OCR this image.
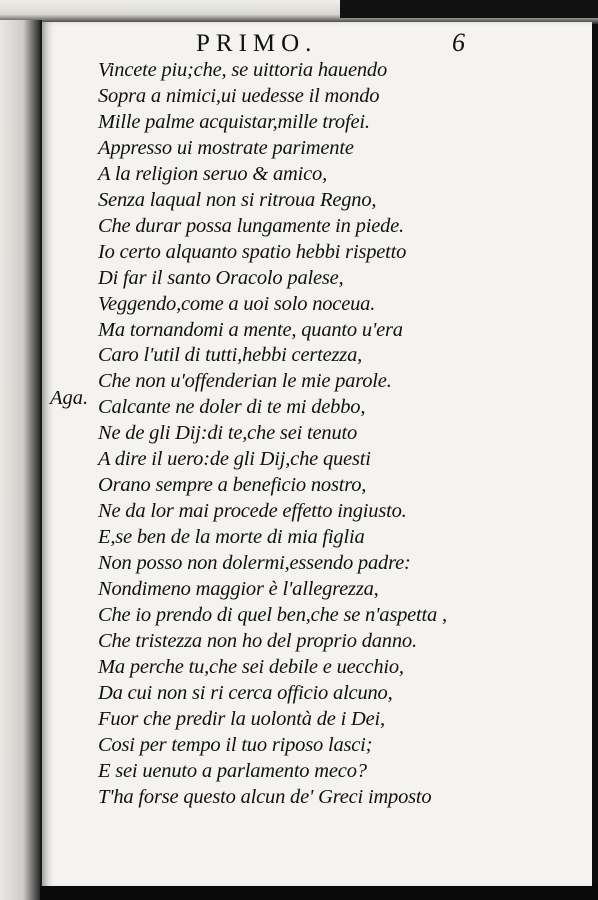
PRIMO.	6
Aga.
Vincete piu;che, se uittoria hauendo
Sopra a nimici,ui uedesse il mondo
Mille palme acquistar,mille trofei.
Appresso ui mostrate parimente
A la religion seruo & amico,
Senza laqual non si ritroua Regno,
Che durar possa lungamente in piede.
Io certo alquanto spatio hebbi rispetto
Di far il santo Oracolo palese,
Veggendo,come a uoi solo noceua.
Ma tornandomi a mente, quanto u'era
Caro l'util di tutti,hebbi certezza,
Che non u'offenderian le mie parole.
Calcante ne doler di te mi debbo,
Ne de gli Dij:di te,che sei tenuto
A dire il uero:de gli Dij,che questi
Orano sempre a beneficio nostro,
Ne da lor mai procede effetto ingiusto.
E,se ben de la morte di mia figlia
Non posso non dolermi,essendo padre:
Nondimeno maggior è l'allegrezza,
Che io prendo di quel ben,che se n'aspetta ,
Che tristezza non ho del proprio danno.
Ma perche tu,che sei debile e uecchio,
Da cui non si ri cerca officio alcuno,
Fuor che predir la uolontà de i Dei,
Cosi per tempo il tuo riposo lasci;
E sei uenuto a parlamento meco?
T'ha forse questo alcun de' Greci imposto
